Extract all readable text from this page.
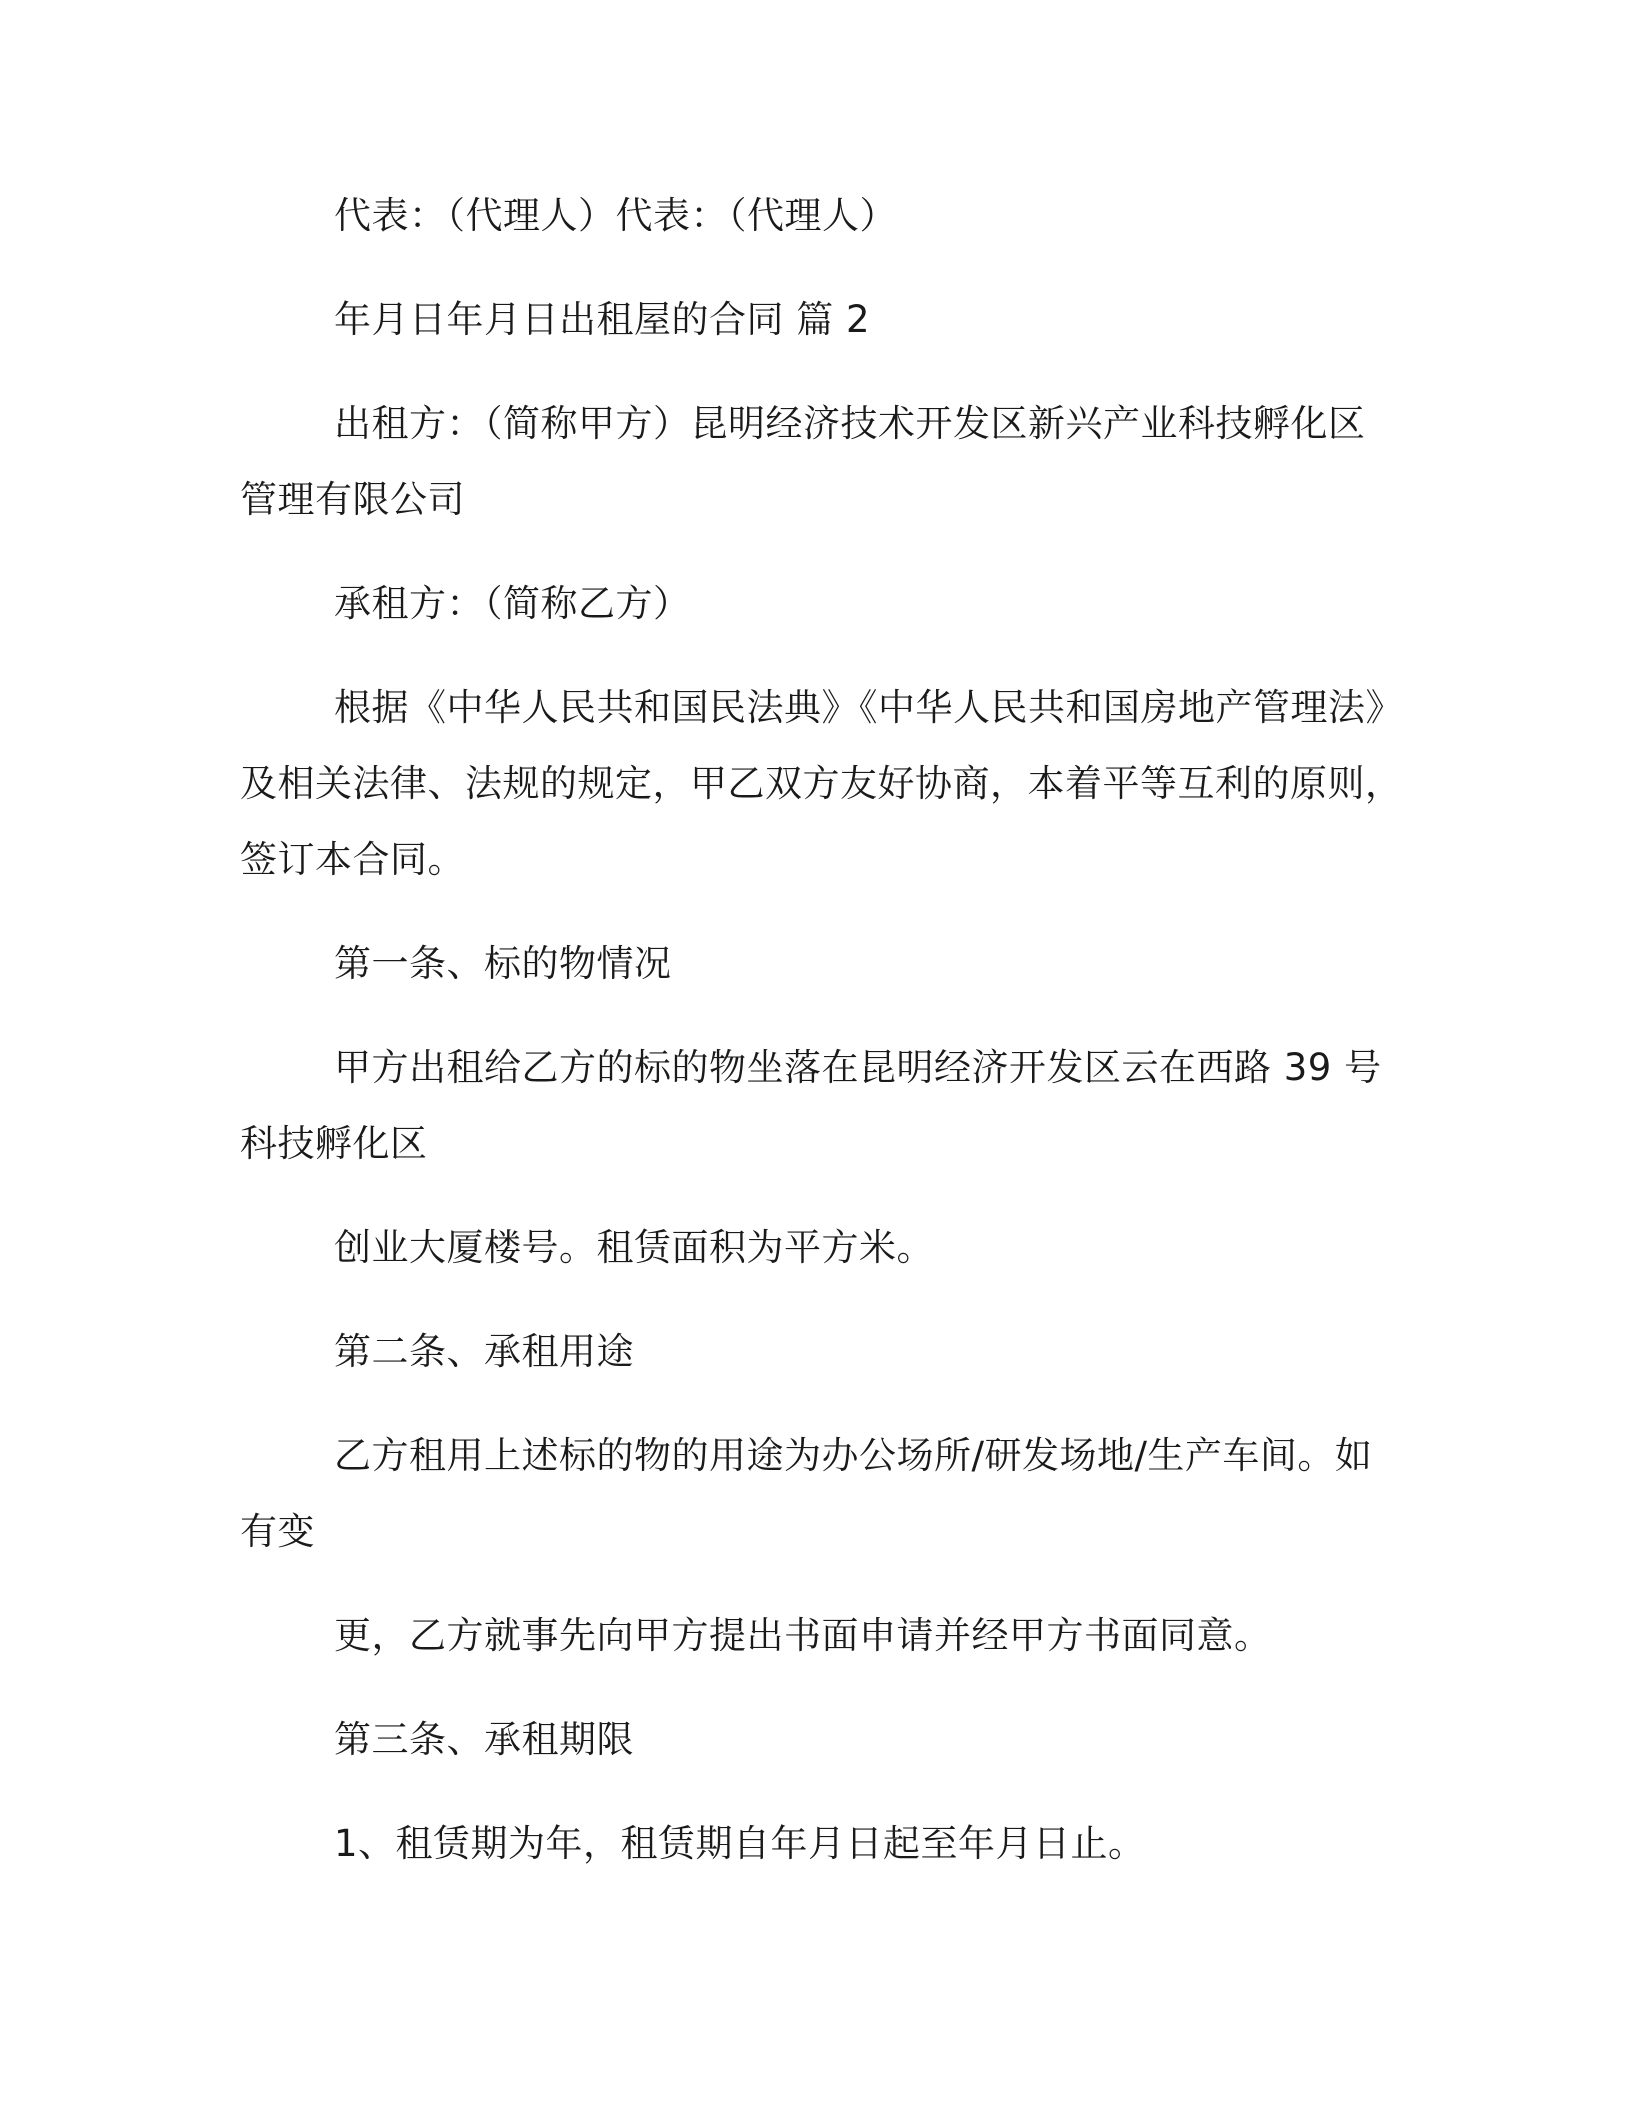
代表：（代理人）代表：（代理人）
年月日年月日出租屋的合同 篇 2
出租方：（简称甲方）昆明经济技术开发区新兴产业科技孵化区
管理有限公司
承租方：（简称乙方）
根据《中华人民共和国民法典》《中华人民共和国房地产管理法》
及相关法律、法规的规定，甲乙双方友好协商，本着平等互利的原则，
签订本合同。
第一条、标的物情况
甲方出租给乙方的标的物坐落在昆明经济开发区云在西路 39 号
科技孵化区
创业大厦楼号。租赁面积为平方米。
第二条、承租用途
乙方租用上述标的物的用途为办公场所/研发场地/生产车间。如
有变
更，乙方就事先向甲方提出书面申请并经甲方书面同意。
第三条、承租期限
1、租赁期为年，租赁期自年月日起至年月日止。
